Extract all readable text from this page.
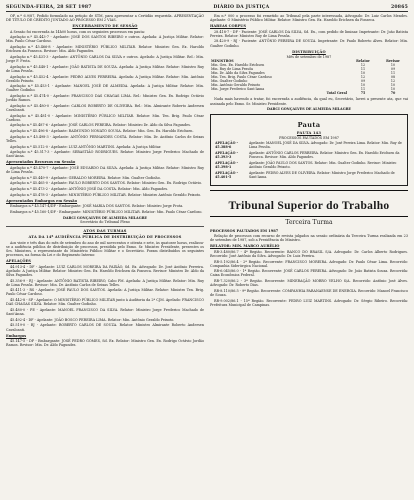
SEGUNDA-FEIRA, 28 SET 1987	DIÁRIO DA JUSTIÇA	20865

OF. n.º 6.9/87, Pedido formulado na petição de STM, para apresentar a Certidão requerida. APRESENTAÇÃO DE TÍTULO DE CRÉDITO JUNTADO AO PROCESSO EM 2 VIAS.

ENCERRAMENTO DE SESSÃO

A Sessão foi encerrada às 14h00 horas, com os seguintes processos em pauta:

Apelação n.º 45.443-7 - Apelante: JOSÉ DOS SANTOS RIBEIRO e outros. Apelada: A Justiça Militar. Relator: Min. Paulo César Cardoso.

Apelação n.º 45.466-8 - Apelante: MINISTÉRIO PÚBLICO MILITAR. Relator: Ministro Gen. Ex. Haroldo Erichsen da Fonseca. Revisor: Min. Aldo Fagundes.

Apelação n.º 45.431-3 - Apelante: ANTÔNIO CARLOS DA SILVA e outros. Apelado: A Justiça Militar. Rel.: Min. Jorge F. Frota.

Apelação n.º 45.448-1 - Apelante: JOÃO BATISTA DE SOUZA. Apelada: A Justiça Militar. Relator: Ministro Ruy de Lima Pessôa.

Apelação n.º 45.452-4 - Apelante: PEDRO ALVES FERREIRA. Apelada: A Justiça Militar. Relator: Min. Antônio Geraldo Peixoto.

Apelação n.º 45.453-1 - Apelante: MANOEL JOSÉ DE ALMEIDA. Apelada: A Justiça Militar. Relator: Min. Gualter Godinho.

Apelação n.º 45.474-0 - Apelante: FRANCISCO DAS CHAGAS LIMA. Rel.: Ministro Gen. Ex. Rodrigo Octávio Jordão Ramos.

Apelação n.º 45.480-0 - Apelante: CARLOS ROBERTO DE OLIVEIRA. Rel.: Min. Almirante Roberto Andersen Cavalcanti.

Apelação n.º 45.481-0 - Apelante: MINISTÉRIO PÚBLICO MILITAR. Relator: Min. Ten. Brig. Paulo César Cardoso.

Apelação n.º 45.487-6 - Apelante: JOSÉ CARLOS PEREIRA. Relator: Ministro Dr. Aldo da Silva Fagundes.

Apelação n.º 45.496-8 - Apelante: RAIMUNDO NONATO SOUSA. Relator: Min. Gen. Ex. Haroldo Erichsen.

Apelação n.º 45.498-3 - Apelante: ANTÔNIO FERNANDES COSTA. Relator: Min. Dr. Antônio Carlos de Seixas Telles.

Apelação n.º 45.512-0 - Apelante: LUIZ ANTÔNIO MARTINS. Apelada: A Justiça Militar.

Apelação n.º 45.517-3 - Apelante: SEBASTIÃO RODRIGUES. Relator: Ministro Jorge Frederico Machado de Sant'Anna.

Apresentados Recursos em Sessão

Apelação n.º 45.470-7 - Apelante: JOSÉ EDUARDO DA SILVA. Apelada: A Justiça Militar. Relator: Ministro Ruy de Lima Pessôa.

Apelação n.º 45.449-9 - Apelante: GERALDO MOREIRA. Relator: Min. Gualter Godinho.

Apelação n.º 45.465-0 - Apelante: PAULO ROBERTO DOS SANTOS. Relator: Ministro Gen. Ex. Rodrigo Octávio.

Apelação n.º 45.473-2 - Apelante: ANTÔNIO JOSÉ DA COSTA. Relator: Min. Aldo Fagundes.

Apelação n.º 45.478-3 - Apelante: MINISTÉRIO PÚBLICO MILITAR. Relator: Ministro Antônio Geraldo Peixoto.

Apresentados Embargos em Sessão

Embargos n.º 45.147-4/DF - Embargante: JOSÉ MARIA DOS SANTOS. Relator: Ministro Jorge Frota.

Embargos n.º 45.160-1/DF - Embargante: MINISTÉRIO PÚBLICO MILITAR. Relator: Min. Paulo César Cardoso.

DARCI GONÇALVES DE ALMEIDA MILAGRE
Secretário do Tribunal Pleno
ATOS DAS TURMAS
ATA DA 14ª AUDIÊNCIA PÚBLICA DE DISTRIBUIÇÃO DE PROCESSOS

Aos vinte e três dias do mês de setembro do ano de mil novecentos e oitenta e sete, às quatorze horas, realizou-se a audiência pública de distribuição de processos, presidida pelo Exmo. Sr. Ministro Presidente, presentes os Srs. Ministros, o representante do Ministério Público Militar e o Secretário. Foram distribuídos os seguintes processos, na forma da Lei e do Regimento Interno:

APELAÇÕES

44.913-4 - DF - Apelante: LUIZ CARLOS MOREIRA DA PAIXÃO, Sd. Ex. Advogado: Dr. José Antônio Ferreira. Apelado: A Justiça Militar. Relator: Ministro Gen. Ex. Haroldo Erichsen da Fonseca. Revisor: Ministro Dr. Aldo da Silva Fagundes.

45.356-9 - RJ - Apelante: ANTÔNIO BATISTA RIBEIRO, Cabo PM. Apelada: A Justiça Militar. Relator: Min. Ruy de Lima Pessôa. Revisor: Min. Dr. Antônio Carlos de Seixas Telles.

45.411-3 - RS - Apelante: JOSÉ PAULO DOS SANTOS. Apelada: A Justiça Militar. Relator: Ministro Ten. Brig. Paulo César Cardoso.

45.442-8 - SP - Apelante: O MINISTÉRIO PÚBLICO MILITAR junto à Auditoria da 2ª CJM. Apelado: FRANCISCO DAS CHAGAS SILVA. Relator: Min. Gualter Godinho.

45.480-0 - PE - Apelante: MANOEL FRANCISCO DA SILVA. Relator: Ministro Jorge Frederico Machado de Sant'Anna.

45.492-4 - DF - Apelante: JOÃO BOSCO PEREIRA LIMA. Relator: Min. Antônio Geraldo Peixoto.

45.519-0 - RJ - Apelante: ROBERTO CARLOS DE SOUZA. Relator: Ministro Almirante Roberto Andersen Cavalcanti.

Embargos

45.147-5 - DF - Embargante: JOSÉ PEDRO GOMES, Sd. Ex. Relator: Ministro Gen. Ex. Rodrigo Octávio Jordão Ramos. Revisor: Min. Dr. Aldo Fagundes.

Em n.º 000 o processo foi remetido ao Tribunal pela parte interessada, Advogado: Dr. Luiz Carlos Mendes. Apelante: O Ministério Público Militar. Relator: Ministro Gen. Ex. Haroldo Erichsen da Fonseca.

HABEAS CORPUS

28.418-7 - DF - Paciente: JOSÉ CARLOS DA SILVA, Sd. Ex., com pedido de liminar. Impetrante: Dr. João Batista Pereira. Relator: Ministro Ruy de Lima Pessôa.

28.420-9 - RJ - Paciente: ANTÔNIO PEREIRA DE SOUZA. Impetrante: Dr. Paulo Roberto Alves. Relator: Min. Gualter Godinho.

DISTRIBUIÇÃO
Mês de setembro de 1987
MINISTROS	Relator	Revisor
Min. Gen. Ex. Haroldo Erichsen	12	10
Min. Ruy de Lima Pessôa	11	09
Min. Dr. Aldo da Silva Fagundes	10	11
Min. Ten. Brig. Paulo César Cardoso	12	08
Min. Gualter Godinho	09	12
Min. Antônio Geraldo Peixoto	10	10
Min. Jorge Frederico Sant'Anna	11	10
Total Geral	75	70

Nada mais havendo a tratar, foi encerrada a audiência, da qual eu, Secretário, lavrei a presente ata, que vai assinada pelo Exmo. Sr. Ministro Presidente.

DARCI GONÇALVES DE ALMEIDA MILAGRE
Pauta
PAUTA 143
PROCESSOS PAUTADOS EM 1987
APELAÇÃO - 45.388-6
Apelante: MANOEL JOSÉ DA SILVA. Advogado: Dr. José Pereira Lima. Relator: Min. Ruy de Lima Pessôa.
APELAÇÃO - 45.393-3
Apelante: ANTÔNIO CARLOS FERREIRA. Relator: Ministro Gen. Ex. Haroldo Erichsen da Fonseca. Revisor: Min. Aldo Fagundes.
APELAÇÃO - 45.398-1
Apelante: JOÃO PAULO DOS SANTOS. Relator: Min. Gualter Godinho. Revisor: Ministro Antônio Geraldo Peixoto.
APELAÇÃO - 45.401-5
Apelante: PEDRO ALVES DE OLIVEIRA. Relator: Ministro Jorge Frederico Machado de Sant'Anna.
Tribunal Superior do Trabalho
Terceira Turma
PROCESSOS PAUTADOS EM 1987

Relação de processos com recurso de revista julgados na sessão ordinária da Terceira Turma realizada em 23 de setembro de 1987, sob a Presidência do Ministro.

RELATOR: MIN. MARCO AURÉLIO

RR-3.480/86.7 - 4ª Região. Recorrente: BANCO DO BRASIL S/A. Advogado: Dr. Carlos Alberto Rodrigues. Recorrido: José Antônio da Silva. Advogado: Dr. Luiz Pereira.

RR-5.192/86.4 - 2ª Região. Recorrente: FRANCISCO MOREIRA. Advogado: Dr. Paulo César Lima. Recorrido: Companhia Siderúrgica Nacional.

RR-6.045/86.0 - 1ª Região. Recorrente: JOSÉ CARLOS PEREIRA. Advogado: Dr. João Batista Souza. Recorrida: Caixa Econômica Federal.

RR-7.320/86.2 - 3ª Região. Recorrente: MINERAÇÃO MORRO VELHO S/A. Recorrido: Antônio José Alves. Advogado: Dr. Roberto Dias.

RR-8.110/86.5 - 9ª Região. Recorrente: COMPANHIA PARANAENSE DE ENERGIA. Recorrido: Manoel Francisco de Souza.

RR-9.002/86.1 - 15ª Região. Recorrente: PEDRO LUIZ MARTINS. Advogado: Dr. Sérgio Ribeiro. Recorrida: Prefeitura Municipal de Campinas.
